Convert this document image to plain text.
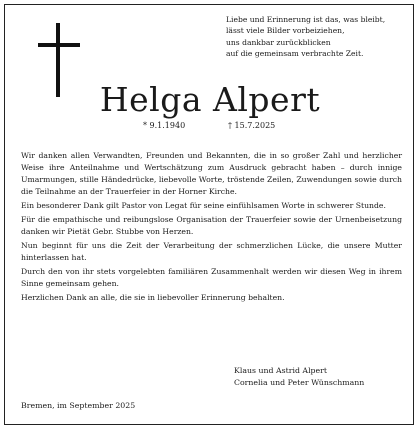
Liebe und Erinnerung ist das, was bleibt,
lässt viele Bilder vorbeiziehen,
uns dankbar zurückblicken
auf die gemeinsam verbrachte Zeit.
Helga Alpert
* 9.1.1940	† 15.7.2025

Wir danken allen Verwandten, Freunden und Bekannten, die in so großer Zahl und herzlicher Weise ihre Anteilnahme und Wertschätzung zum Ausdruck gebracht haben – durch innige Umarmungen, stille Händedrücke, liebevolle Worte, tröstende Zeilen, Zuwendungen sowie durch die Teilnahme an der Trauerfeier in der Horner Kirche.

Ein besonderer Dank gilt Pastor von Legat für seine einfühlsamen Worte in schwerer Stunde.

Für die empathische und reibungslose Organisation der Trauerfeier sowie der Urnenbeisetzung danken wir Pietät Gebr. Stubbe von Herzen.

Nun beginnt für uns die Zeit der Verarbeitung der schmerzlichen Lücke, die unsere Mutter hinterlassen hat.

Durch den von ihr stets vorgelebten familiären Zusammenhalt werden wir diesen Weg in ihrem Sinne gemeinsam gehen.

Herzlichen Dank an alle, die sie in liebevoller Erinnerung behalten.

Klaus und Astrid Alpert
Cornelia und Peter Wünschmann
Bremen, im September 2025
